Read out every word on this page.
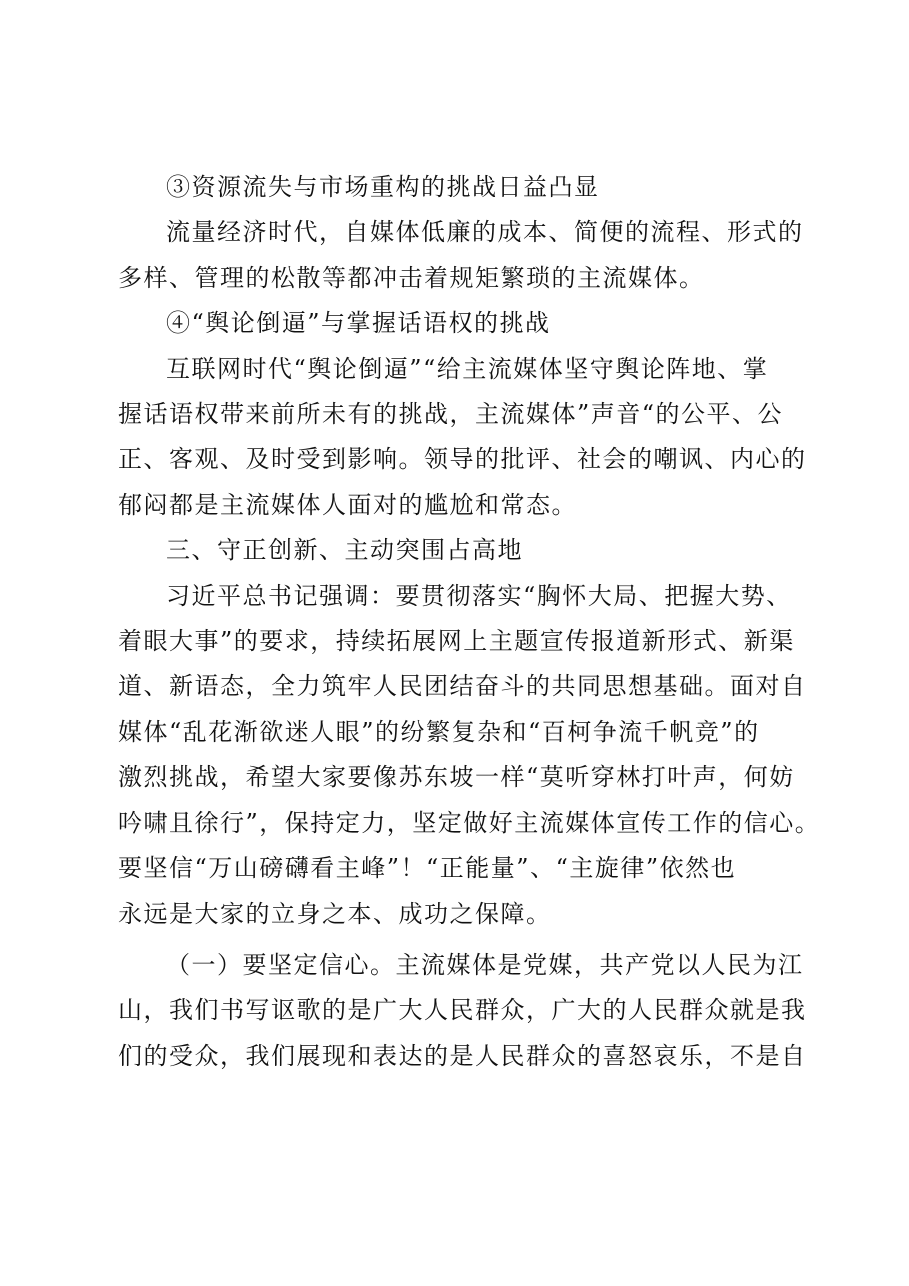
③资源流失与市场重构的挑战日益凸显
流量经济时代，自媒体低廉的成本、简便的流程、形式的
多样、管理的松散等都冲击着规矩繁琐的主流媒体。
④“舆论倒逼”与掌握话语权的挑战
互联网时代“舆论倒逼”“给主流媒体坚守舆论阵地、掌
握话语权带来前所未有的挑战，主流媒体”声音“的公平、公
正、客观、及时受到影响。领导的批评、社会的嘲讽、内心的
郁闷都是主流媒体人面对的尴尬和常态。
三、守正创新、主动突围占高地
习近平总书记强调：要贯彻落实“胸怀大局、把握大势、
着眼大事”的要求，持续拓展网上主题宣传报道新形式、新渠
道、新语态，全力筑牢人民团结奋斗的共同思想基础。面对自
媒体“乱花渐欲迷人眼”的纷繁复杂和“百柯争流千帆竞”的
激烈挑战，希望大家要像苏东坡一样“莫听穿林打叶声，何妨
吟啸且徐行”，保持定力，坚定做好主流媒体宣传工作的信心。
要坚信“万山磅礴看主峰”！“正能量”、“主旋律”依然也
永远是大家的立身之本、成功之保障。
（一）要坚定信心。主流媒体是党媒，共产党以人民为江
山，我们书写讴歌的是广大人民群众，广大的人民群众就是我
们的受众，我们展现和表达的是人民群众的喜怒哀乐，不是自
